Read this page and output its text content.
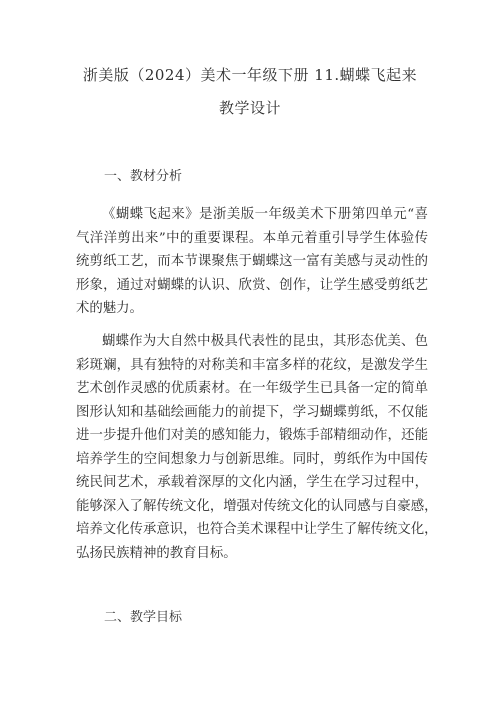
浙美版（2024）美术一年级下册 11.蝴蝶飞起来
教学设计
一、教材分析
《蝴蝶飞起来》是浙美版一年级美术下册第四单元“喜
气洋洋剪出来”中的重要课程。本单元着重引导学生体验传
统剪纸工艺，而本节课聚焦于蝴蝶这一富有美感与灵动性的
形象，通过对蝴蝶的认识、欣赏、创作，让学生感受剪纸艺
术的魅力。
蝴蝶作为大自然中极具代表性的昆虫，其形态优美、色
彩斑斓，具有独特的对称美和丰富多样的花纹，是激发学生
艺术创作灵感的优质素材。在一年级学生已具备一定的简单
图形认知和基础绘画能力的前提下，学习蝴蝶剪纸，不仅能
进一步提升他们对美的感知能力，锻炼手部精细动作，还能
培养学生的空间想象力与创新思维。同时，剪纸作为中国传
统民间艺术，承载着深厚的文化内涵，学生在学习过程中，
能够深入了解传统文化，增强对传统文化的认同感与自豪感，
培养文化传承意识，也符合美术课程中让学生了解传统文化，
弘扬民族精神的教育目标。
二、教学目标
